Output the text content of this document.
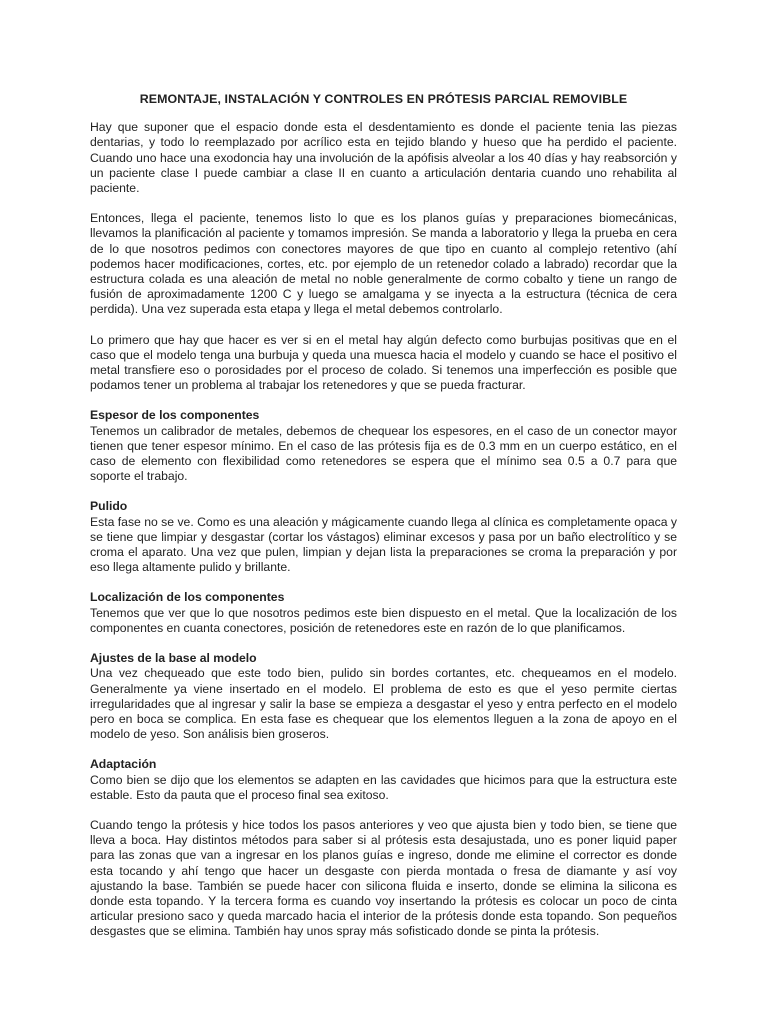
REMONTAJE, INSTALACIÓN Y CONTROLES EN PRÓTESIS PARCIAL REMOVIBLE

Hay que suponer que el espacio donde esta el desdentamiento es donde el paciente tenia las piezas dentarias, y todo lo reemplazado por acrílico esta en tejido blando y hueso que ha perdido el paciente. Cuando uno hace una exodoncia hay una involución de la apófisis alveolar a los 40 días y hay reabsorción y un paciente clase I puede cambiar a clase II en cuanto a articulación dentaria cuando uno rehabilita al paciente.

Entonces, llega el paciente, tenemos listo lo que es los planos guías y preparaciones biomecánicas, llevamos la planificación al paciente y tomamos impresión. Se manda a laboratorio y llega la prueba en cera de lo que nosotros pedimos con conectores mayores de que tipo en cuanto al complejo retentivo (ahí podemos hacer modificaciones, cortes, etc. por ejemplo de un retenedor colado a labrado) recordar que la estructura colada es una aleación de metal no noble generalmente de cormo cobalto y tiene un rango de fusión de aproximadamente 1200 C y luego se amalgama y se inyecta a la estructura (técnica de cera perdida). Una vez superada esta etapa y llega el metal debemos controlarlo.

Lo primero que hay que hacer es ver si en el metal hay algún defecto como burbujas positivas que en el caso que el modelo tenga una burbuja y queda una muesca hacia el modelo y cuando se hace el positivo el metal transfiere eso o porosidades por el proceso de colado. Si tenemos una imperfección es posible que podamos tener un problema al trabajar los retenedores y que se pueda fracturar.

Espesor de los componentes

Tenemos un calibrador de metales, debemos de chequear los espesores, en el caso de un conector mayor tienen que tener espesor mínimo. En el caso de las prótesis fija es de 0.3 mm en un cuerpo estático, en el caso de elemento con flexibilidad como retenedores se espera que el mínimo sea 0.5 a 0.7 para que soporte el trabajo.

Pulido

Esta fase no se ve. Como es una aleación y mágicamente cuando llega al clínica es completamente opaca y se tiene que limpiar y desgastar (cortar los vástagos) eliminar excesos y pasa por un baño electrolítico y se croma el aparato. Una vez que pulen, limpian y dejan lista la preparaciones se croma la preparación y por eso llega altamente pulido y brillante.

Localización de los componentes

Tenemos que ver que lo que nosotros pedimos este bien dispuesto en el metal. Que la localización de los componentes en cuanta conectores, posición de retenedores este en razón de lo que planificamos.

Ajustes de la base al modelo

Una vez chequeado que este todo bien, pulido sin bordes cortantes, etc. chequeamos en el modelo. Generalmente ya viene insertado en el modelo. El problema de esto es que el yeso permite ciertas irregularidades que al ingresar y salir la base se empieza a desgastar el yeso y entra perfecto en el modelo pero en boca se complica. En esta fase es chequear que los elementos lleguen a la zona de apoyo en el modelo de yeso. Son análisis bien groseros.

Adaptación

Como bien se dijo que los elementos se adapten en las cavidades que hicimos para que la estructura este estable. Esto da pauta que el proceso final sea exitoso.

Cuando tengo la prótesis y hice todos los pasos anteriores y veo que ajusta bien y todo bien, se tiene que lleva a boca. Hay distintos métodos para saber si al prótesis esta desajustada, uno es poner liquid paper para las zonas que van a ingresar en los planos guías e ingreso, donde me elimine el corrector es donde esta tocando y ahí tengo que hacer un desgaste con pierda montada o fresa de diamante y así voy ajustando la base. También se puede hacer con silicona fluida e inserto, donde se elimina la silicona es donde esta topando. Y la tercera forma es cuando voy insertando la prótesis es colocar un poco de cinta articular presiono saco y queda marcado hacia el interior de la prótesis donde esta topando. Son pequeños desgastes que se elimina. También hay unos spray más sofisticado donde se pinta la prótesis.
